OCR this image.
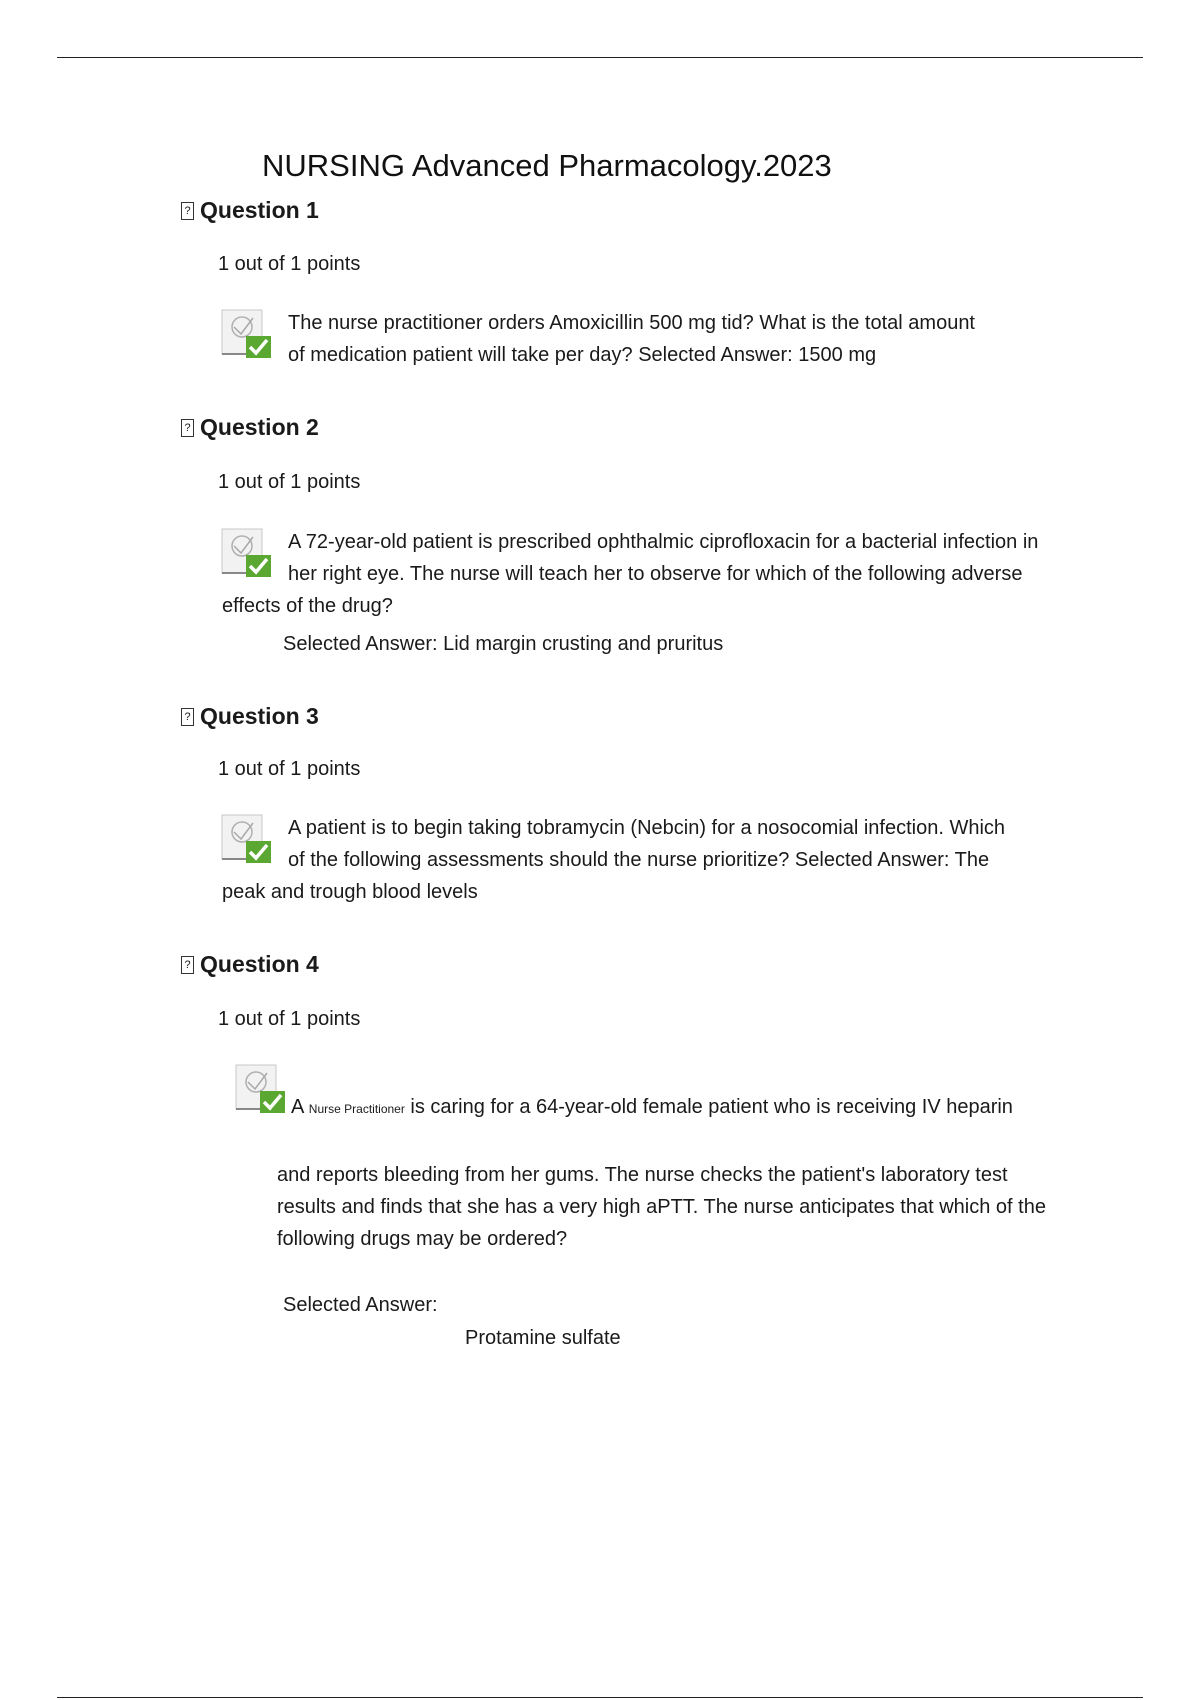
NURSING Advanced Pharmacology.2023
? Question 1
1 out of 1 points
The nurse practitioner orders Amoxicillin 500 mg tid? What is the total amount
of medication patient will take per day? Selected Answer: 1500 mg
? Question 2
1 out of 1 points
A 72-year-old patient is prescribed ophthalmic ciprofloxacin for a bacterial infection in
her right eye. The nurse will teach her to observe for which of the following adverse
effects of the drug?
Selected Answer: Lid margin crusting and pruritus
? Question 3
1 out of 1 points
A patient is to begin taking tobramycin (Nebcin) for a nosocomial infection. Which
of the following assessments should the nurse prioritize? Selected Answer: The
peak and trough blood levels
? Question 4
1 out of 1 points
A Nurse Practitioner is caring for a 64-year-old female patient who is receiving IV heparin
and reports bleeding from her gums. The nurse checks the patient's laboratory test
results and finds that she has a very high aPTT. The nurse anticipates that which of the
following drugs may be ordered?
Selected Answer:
Protamine sulfate
